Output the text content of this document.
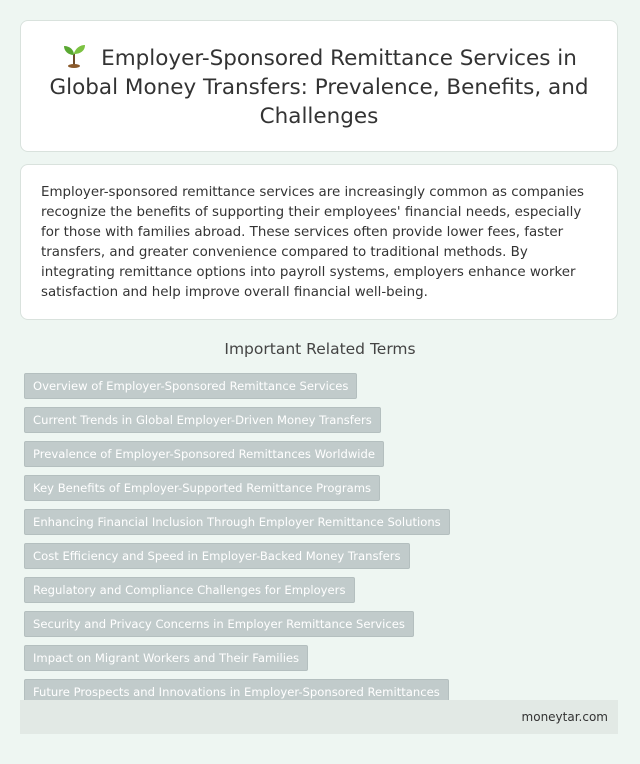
Employer-Sponsored Remittance Services in Global Money Transfers: Prevalence, Benefits, and Challenges

Employer-sponsored remittance services are increasingly common as companies recognize the benefits of supporting their employees' financial needs, especially for those with families abroad. These services often provide lower fees, faster transfers, and greater convenience compared to traditional methods. By integrating remittance options into payroll systems, employers enhance worker satisfaction and help improve overall financial well-being.

Important Related Terms
Overview of Employer-Sponsored Remittance Services
Current Trends in Global Employer-Driven Money Transfers
Prevalence of Employer-Sponsored Remittances Worldwide
Key Benefits of Employer-Supported Remittance Programs
Enhancing Financial Inclusion Through Employer Remittance Solutions
Cost Efficiency and Speed in Employer-Backed Money Transfers
Regulatory and Compliance Challenges for Employers
Security and Privacy Concerns in Employer Remittance Services
Impact on Migrant Workers and Their Families
Future Prospects and Innovations in Employer-Sponsored Remittances
moneytar.com
